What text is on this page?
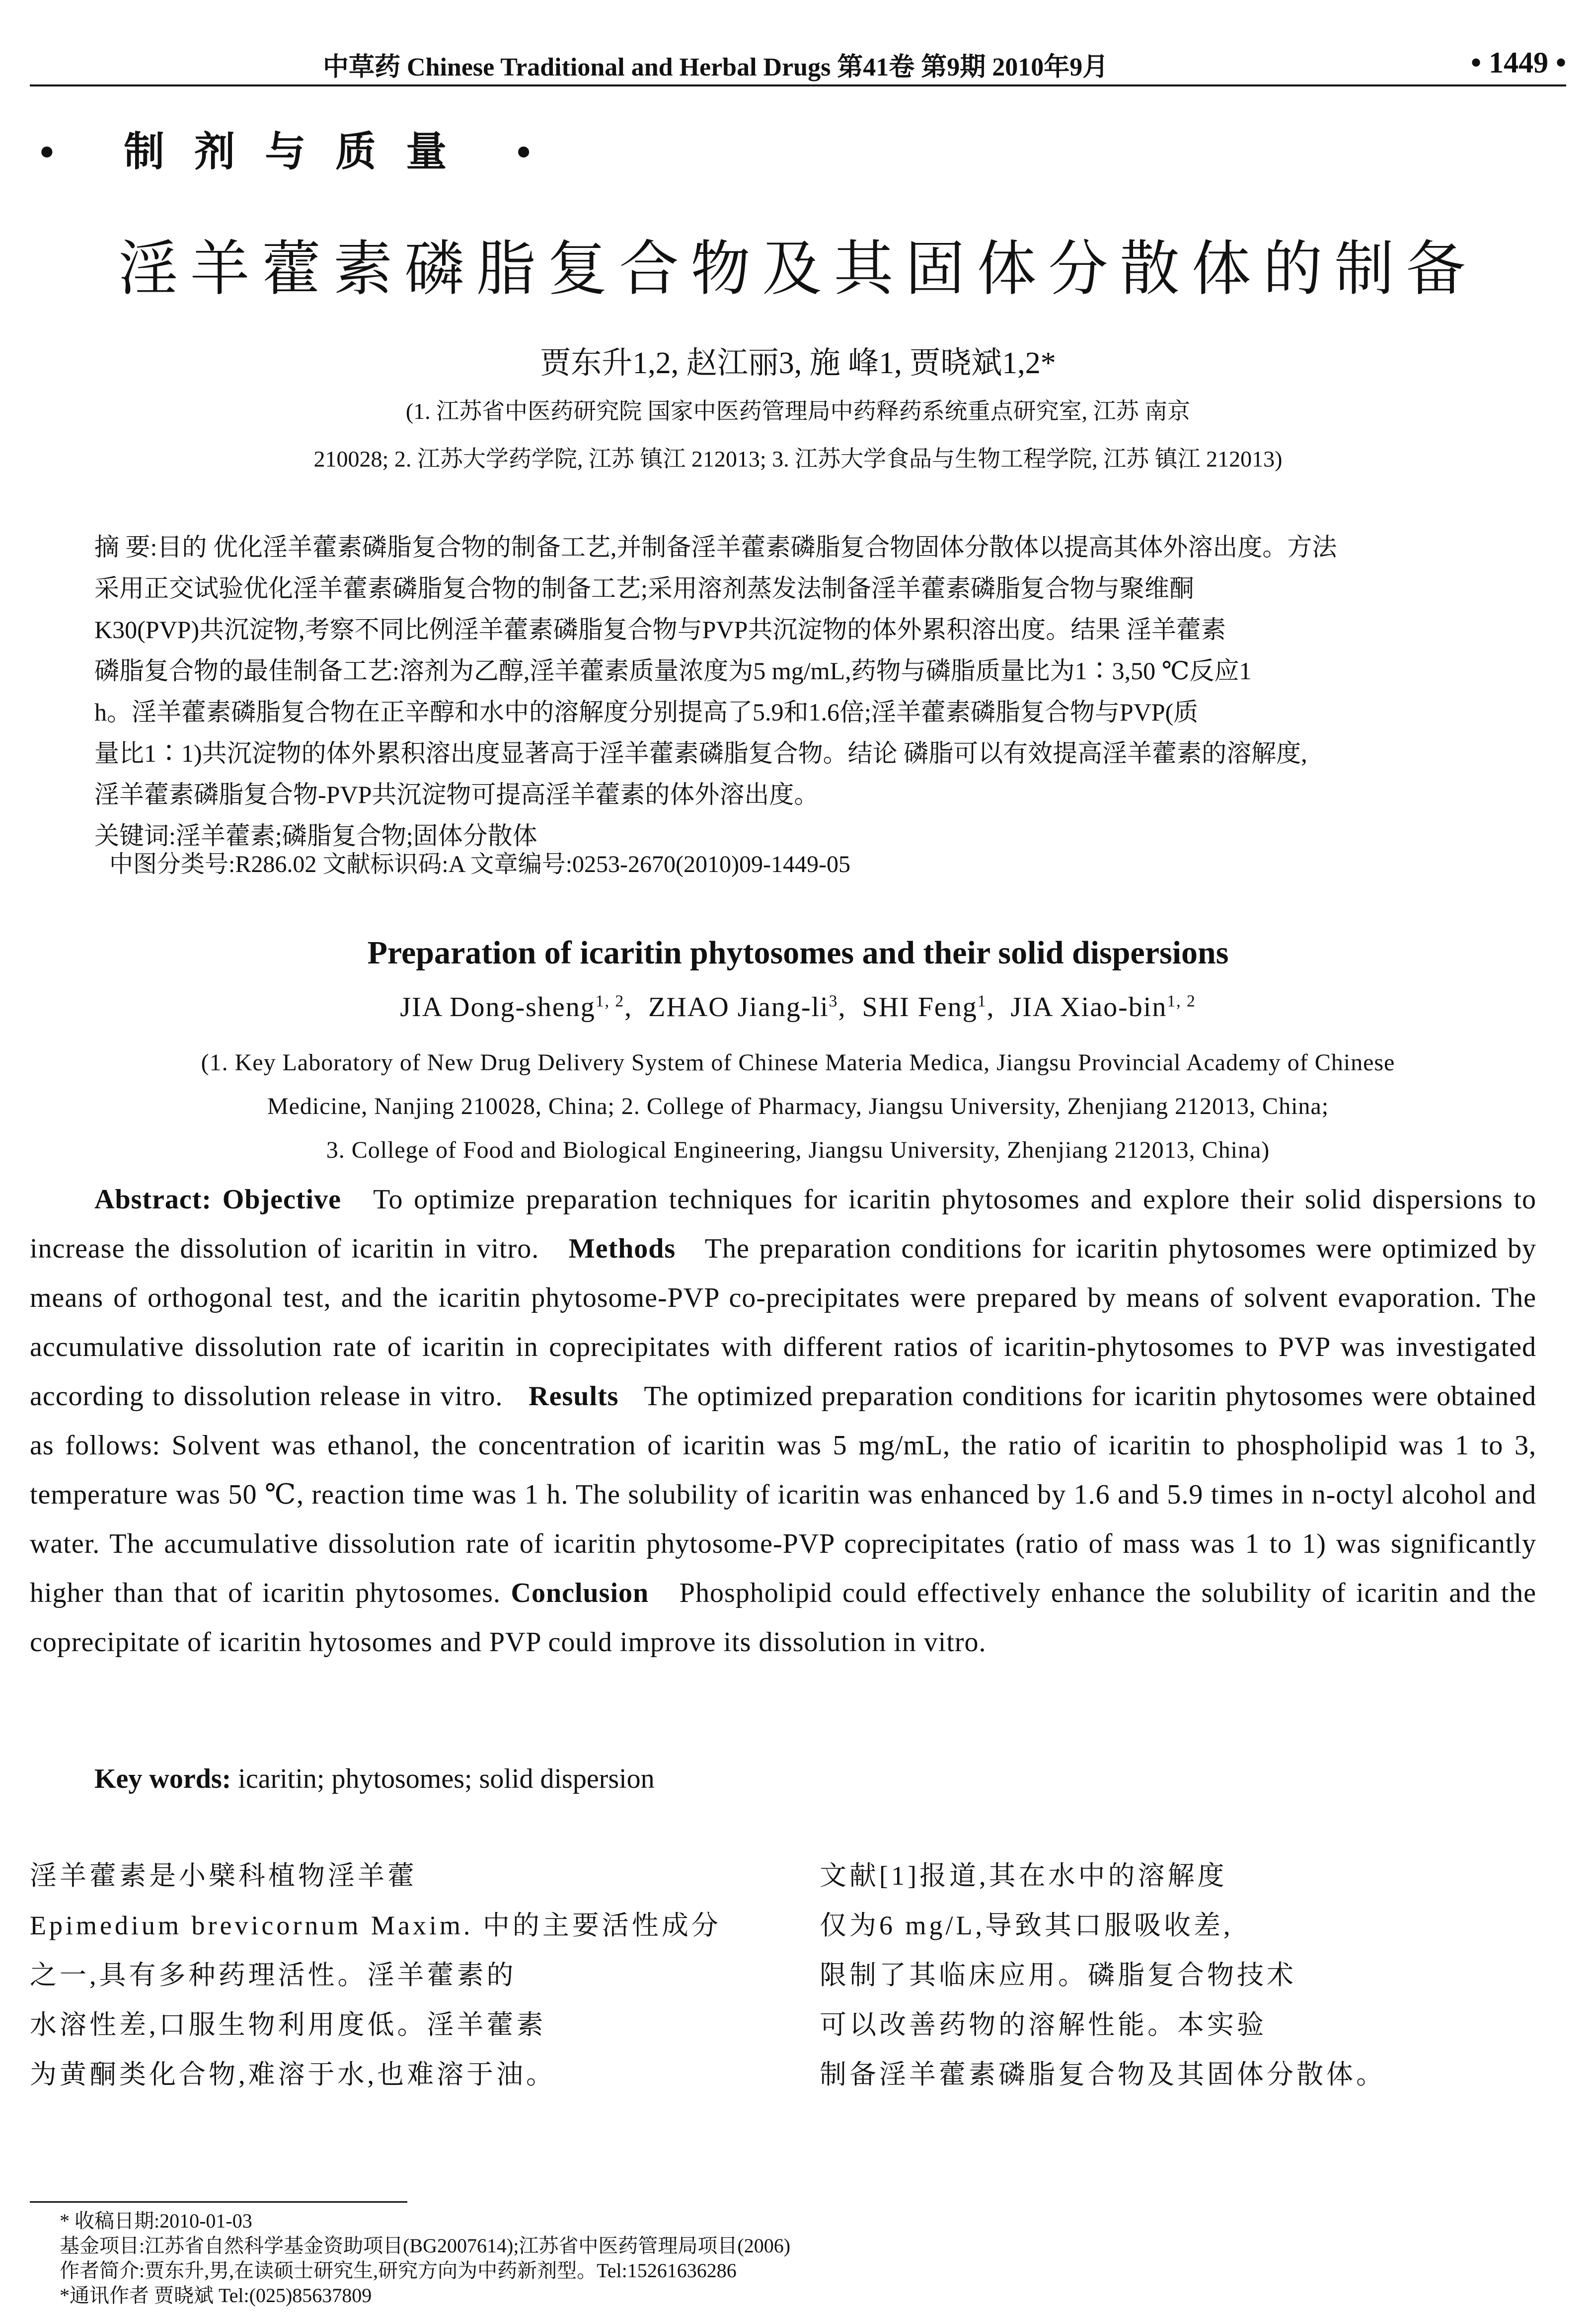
中草药 Chinese Traditional and Herbal Drugs 第41卷 第9期 2010年9月	• 1449 •
• 制剂与质量 •
淫羊藿素磷脂复合物及其固体分散体的制备
贾东升1,2, 赵江丽3, 施 峰1, 贾晓斌1,2*
(1. 江苏省中医药研究院 国家中医药管理局中药释药系统重点研究室, 江苏 南京
210028; 2. 江苏大学药学院, 江苏 镇江 212013; 3. 江苏大学食品与生物工程学院, 江苏 镇江 212013)
摘 要:目的 优化淫羊藿素磷脂复合物的制备工艺,并制备淫羊藿素磷脂复合物固体分散体以提高其体外溶出度。方法
采用正交试验优化淫羊藿素磷脂复合物的制备工艺;采用溶剂蒸发法制备淫羊藿素磷脂复合物与聚维酮
K30(PVP)共沉淀物,考察不同比例淫羊藿素磷脂复合物与PVP共沉淀物的体外累积溶出度。结果 淫羊藿素
磷脂复合物的最佳制备工艺:溶剂为乙醇,淫羊藿素质量浓度为5 mg/mL,药物与磷脂质量比为1∶3,50 ℃反应1
h。淫羊藿素磷脂复合物在正辛醇和水中的溶解度分别提高了5.9和1.6倍;淫羊藿素磷脂复合物与PVP(质
量比1∶1)共沉淀物的体外累积溶出度显著高于淫羊藿素磷脂复合物。结论 磷脂可以有效提高淫羊藿素的溶解度,
淫羊藿素磷脂复合物-PVP共沉淀物可提高淫羊藿素的体外溶出度。
关键词:淫羊藿素;磷脂复合物;固体分散体
中图分类号:R286.02 文献标识码:A 文章编号:0253-2670(2010)09-1449-05
Preparation of icaritin phytosomes and their solid dispersions
JIA Dong-sheng$^{1, 2}$,  ZHAO Jiang-$li^3$,  SHI Feng$^1$,  JIA Xiao-bin$^{1, 2}$
(1. Key Laboratory of New Drug Delivery System of Chinese Materia Medica, Jiangsu Provincial Academy of Chinese
Medicine, Nanjing 210028, China; 2. College of Pharmacy, Jiangsu University, Zhenjiang 212013, China;
3. College of Food and Biological Engineering, Jiangsu University, Zhenjiang 212013, China)
Abstract: Objective To optimize preparation techniques for icaritin phytosomes and explore their solid dispersions to increase the dissolution of icaritin in vitro. Methods The preparation conditions for icaritin phytosomes were optimized by means of orthogonal test, and the icaritin phytosome-PVP co-precipitates were prepared by means of solvent evaporation. The accumulative dissolution rate of icaritin in coprecipitates with different ratios of icaritin-phytosomes to PVP was investigated according to dissolution release in vitro. Results The optimized preparation conditions for icaritin phytosomes were obtained as follows: Solvent was ethanol, the concentration of icaritin was 5 mg/mL, the ratio of icaritin to phospholipid was 1 to 3, temperature was 50 ℃, reaction time was 1 h. The solubility of icaritin was enhanced by 1.6 and 5.9 times in n-octyl alcohol and water. The accumulative dissolution rate of icaritin phytosome-PVP coprecipitates (ratio of mass was 1 to 1) was significantly higher than that of icaritin phytosomes. Conclusion Phospholipid could effectively enhance the solubility of icaritin and the coprecipitate of icaritin hytosomes and PVP could improve its dissolution in vitro.
Key words: icaritin; phytosomes; solid dispersion
淫羊藿素是小檗科植物淫羊藿
Epimedium brevicornum Maxim. 中的主要活性成分
之一,具有多种药理活性。淫羊藿素的
水溶性差,口服生物利用度低。淫羊藿素
为黄酮类化合物,难溶于水,也难溶于油。
文献[1]报道,其在水中的溶解度
仅为6 mg/L,导致其口服吸收差,
限制了其临床应用。磷脂复合物技术
可以改善药物的溶解性能。本实验
制备淫羊藿素磷脂复合物及其固体分散体。
* 收稿日期:2010-01-03
基金项目:江苏省自然科学基金资助项目(BG2007614);江苏省中医药管理局项目(2006)
作者简介:贾东升,男,在读硕士研究生,研究方向为中药新剂型。Tel:15261636286
*通讯作者 贾晓斌 Tel:(025)85637809
